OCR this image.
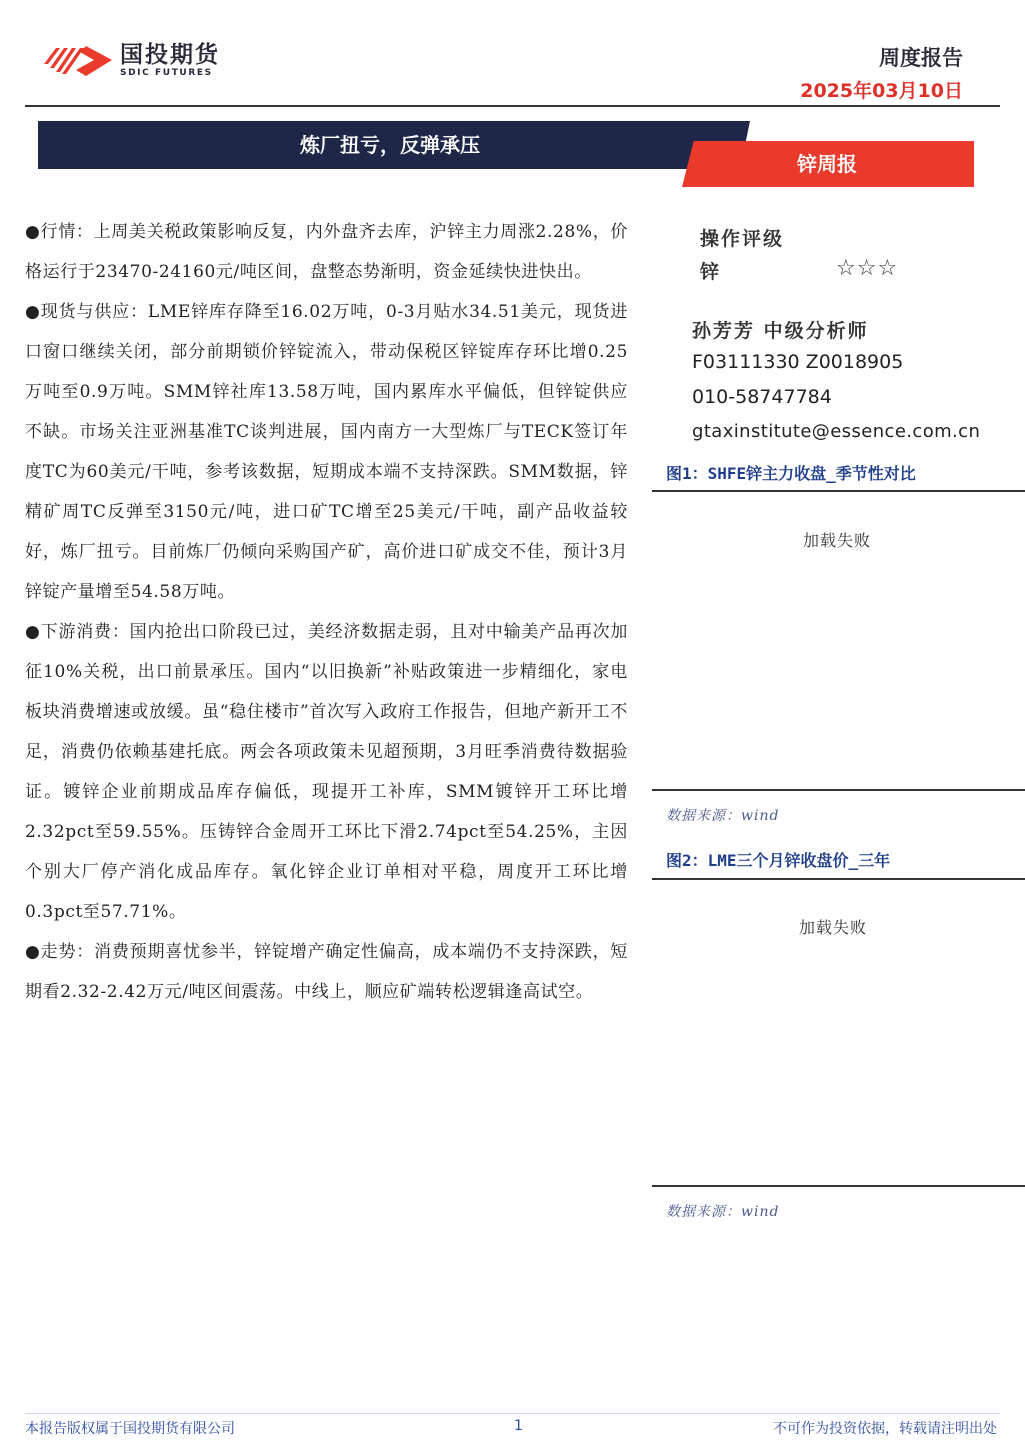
国投期货
SDIC FUTURES
周度报告
2025年03月10日
炼厂扭亏，反弹承压
锌周报

●行情：上周美关税政策影响反复，内外盘齐去库，沪锌主力周涨2.28%，价格运行于23470-24160元/吨区间，盘整态势渐明，资金延续快进快出。

●现货与供应：LME锌库存降至16.02万吨，0-3月贴水34.51美元，现货进口窗口继续关闭，部分前期锁价锌锭流入，带动保税区锌锭库存环比增0.25万吨至0.9万吨。SMM锌社库13.58万吨，国内累库水平偏低，但锌锭供应不缺。市场关注亚洲基准TC谈判进展，国内南方一大型炼厂与TECK签订年度TC为60美元/干吨，参考该数据，短期成本端不支持深跌。SMM数据，锌精矿周TC反弹至3150元/吨，进口矿TC增至25美元/干吨，副产品收益较好，炼厂扭亏。目前炼厂仍倾向采购国产矿，高价进口矿成交不佳，预计3月锌锭产量增至54.58万吨。

●下游消费：国内抢出口阶段已过，美经济数据走弱，且对中输美产品再次加征10%关税，出口前景承压。国内“以旧换新”补贴政策进一步精细化，家电板块消费增速或放缓。虽“稳住楼市”首次写入政府工作报告，但地产新开工不足，消费仍依赖基建托底。两会各项政策未见超预期，3月旺季消费待数据验证。镀锌企业前期成品库存偏低，现提开工补库，SMM镀锌开工环比增2.32pct至59.55%。压铸锌合金周开工环比下滑2.74pct至54.25%，主因个别大厂停产消化成品库存。氧化锌企业订单相对平稳，周度开工环比增0.3pct至57.71%。

●走势：消费预期喜忧参半，锌锭增产确定性偏高，成本端仍不支持深跌，短期看2.32-2.42万元/吨区间震荡。中线上，顺应矿端转松逻辑逢高试空。

操作评级
锌	☆☆☆
孙芳芳 中级分析师
F03111330 Z0018905
010-58747784
gtaxinstitute@essence.com.cn
图1：SHFE锌主力收盘_季节性对比
加载失败
数据来源：wind
图2：LME三个月锌收盘价_三年
加载失败
数据来源：wind
本报告版权属于国投期货有限公司	1	不可作为投资依据，转载请注明出处
